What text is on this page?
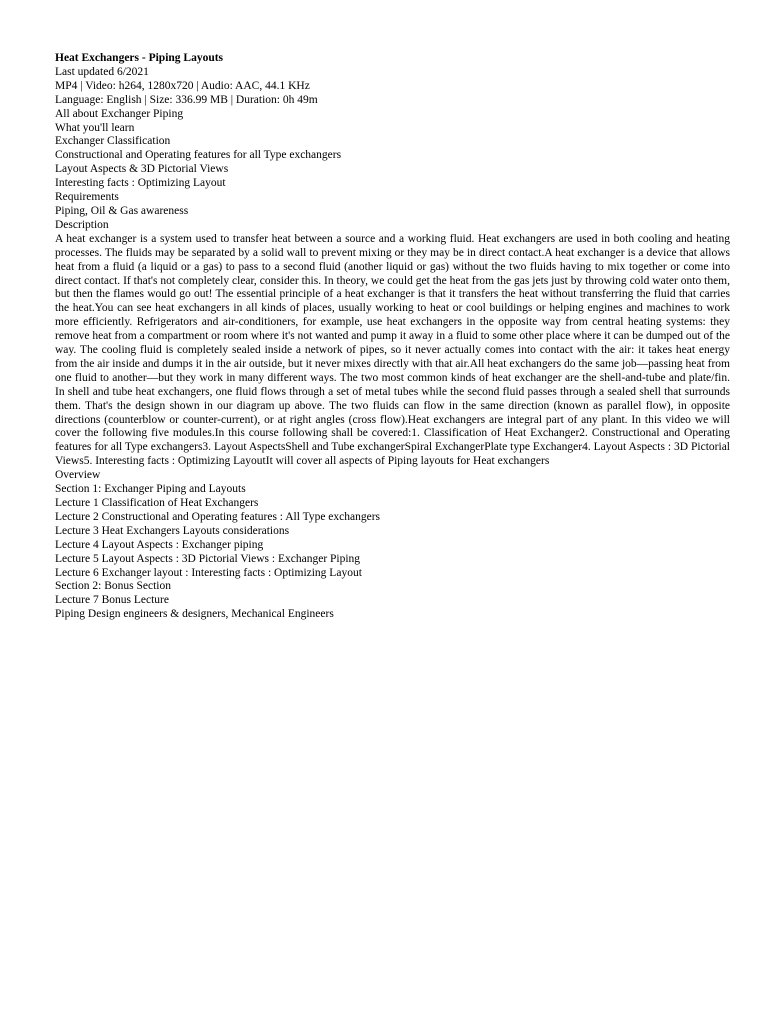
Heat Exchangers - Piping Layouts
Last updated 6/2021
MP4 | Video: h264, 1280x720 | Audio: AAC, 44.1 KHz
Language: English | Size: 336.99 MB | Duration: 0h 49m
All about Exchanger Piping
What you'll learn
Exchanger Classification
Constructional and Operating features for all Type exchangers
Layout Aspects & 3D Pictorial Views
Interesting facts : Optimizing Layout
Requirements
Piping, Oil & Gas awareness
Description
A heat exchanger is a system used to transfer heat between a source and a working fluid. Heat exchangers are used in both cooling and heating processes. The fluids may be separated by a solid wall to prevent mixing or they may be in direct contact.A heat exchanger is a device that allows heat from a fluid (a liquid or a gas) to pass to a second fluid (another liquid or gas) without the two fluids having to mix together or come into direct contact. If that's not completely clear, consider this. In theory, we could get the heat from the gas jets just by throwing cold water onto them, but then the flames would go out! The essential principle of a heat exchanger is that it transfers the heat without transferring the fluid that carries the heat.You can see heat exchangers in all kinds of places, usually working to heat or cool buildings or helping engines and machines to work more efficiently. Refrigerators and air-conditioners, for example, use heat exchangers in the opposite way from central heating systems: they remove heat from a compartment or room where it's not wanted and pump it away in a fluid to some other place where it can be dumped out of the way. The cooling fluid is completely sealed inside a network of pipes, so it never actually comes into contact with the air: it takes heat energy from the air inside and dumps it in the air outside, but it never mixes directly with that air.All heat exchangers do the same job—passing heat from one fluid to another—but they work in many different ways. The two most common kinds of heat exchanger are the shell-and-tube and plate/fin. In shell and tube heat exchangers, one fluid flows through a set of metal tubes while the second fluid passes through a sealed shell that surrounds them. That's the design shown in our diagram up above. The two fluids can flow in the same direction (known as parallel flow), in opposite directions (counterblow or counter-current), or at right angles (cross flow).Heat exchangers are integral part of any plant. In this video we will cover the following five modules.In this course following shall be covered:1. Classification of Heat Exchanger2. Constructional and Operating features for all Type exchangers3. Layout AspectsShell and Tube exchangerSpiral ExchangerPlate type Exchanger4. Layout Aspects : 3D Pictorial Views5. Interesting facts : Optimizing LayoutIt will cover all aspects of Piping layouts for Heat exchangers
Overview
Section 1: Exchanger Piping and Layouts
Lecture 1 Classification of Heat Exchangers
Lecture 2 Constructional and Operating features : All Type exchangers
Lecture 3 Heat Exchangers Layouts considerations
Lecture 4 Layout Aspects : Exchanger piping
Lecture 5 Layout Aspects : 3D Pictorial Views : Exchanger Piping
Lecture 6 Exchanger layout : Interesting facts : Optimizing Layout
Section 2: Bonus Section
Lecture 7 Bonus Lecture
Piping Design engineers & designers, Mechanical Engineers
